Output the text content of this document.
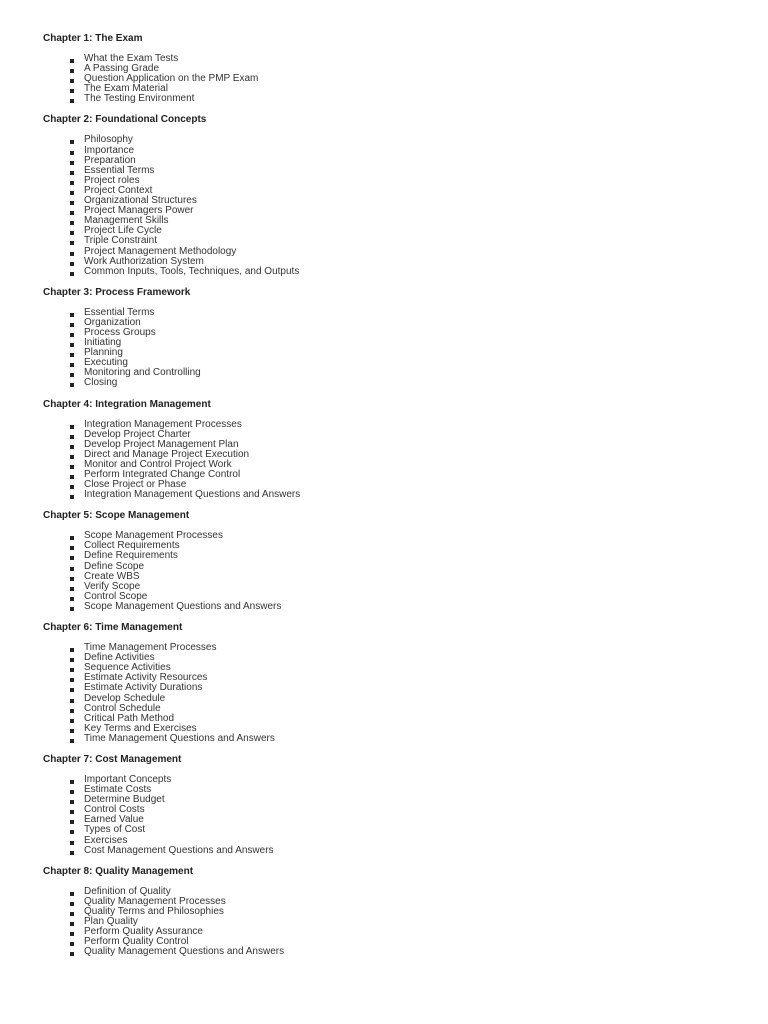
Chapter 1: The Exam
What the Exam Tests
A Passing Grade
Question Application on the PMP Exam
The Exam Material
The Testing Environment
Chapter 2: Foundational Concepts
Philosophy
Importance
Preparation
Essential Terms
Project roles
Project Context
Organizational Structures
Project Managers Power
Management Skills
Project Life Cycle
Triple Constraint
Project Management Methodology
Work Authorization System
Common Inputs, Tools, Techniques, and Outputs
Chapter 3: Process Framework
Essential Terms
Organization
Process Groups
Initiating
Planning
Executing
Monitoring and Controlling
Closing
Chapter 4: Integration Management
Integration Management Processes
Develop Project Charter
Develop Project Management Plan
Direct and Manage Project Execution
Monitor and Control Project Work
Perform Integrated Change Control
Close Project or Phase
Integration Management Questions and Answers
Chapter 5: Scope Management
Scope Management Processes
Collect Requirements
Define Requirements
Define Scope
Create WBS
Verify Scope
Control Scope
Scope Management Questions and Answers
Chapter 6: Time Management
Time Management Processes
Define Activities
Sequence Activities
Estimate Activity Resources
Estimate Activity Durations
Develop Schedule
Control Schedule
Critical Path Method
Key Terms and Exercises
Time Management Questions and Answers
Chapter 7: Cost Management
Important Concepts
Estimate Costs
Determine Budget
Control Costs
Earned Value
Types of Cost
Exercises
Cost Management Questions and Answers
Chapter 8: Quality Management
Definition of Quality
Quality Management Processes
Quality Terms and Philosophies
Plan Quality
Perform Quality Assurance
Perform Quality Control
Quality Management Questions and Answers
